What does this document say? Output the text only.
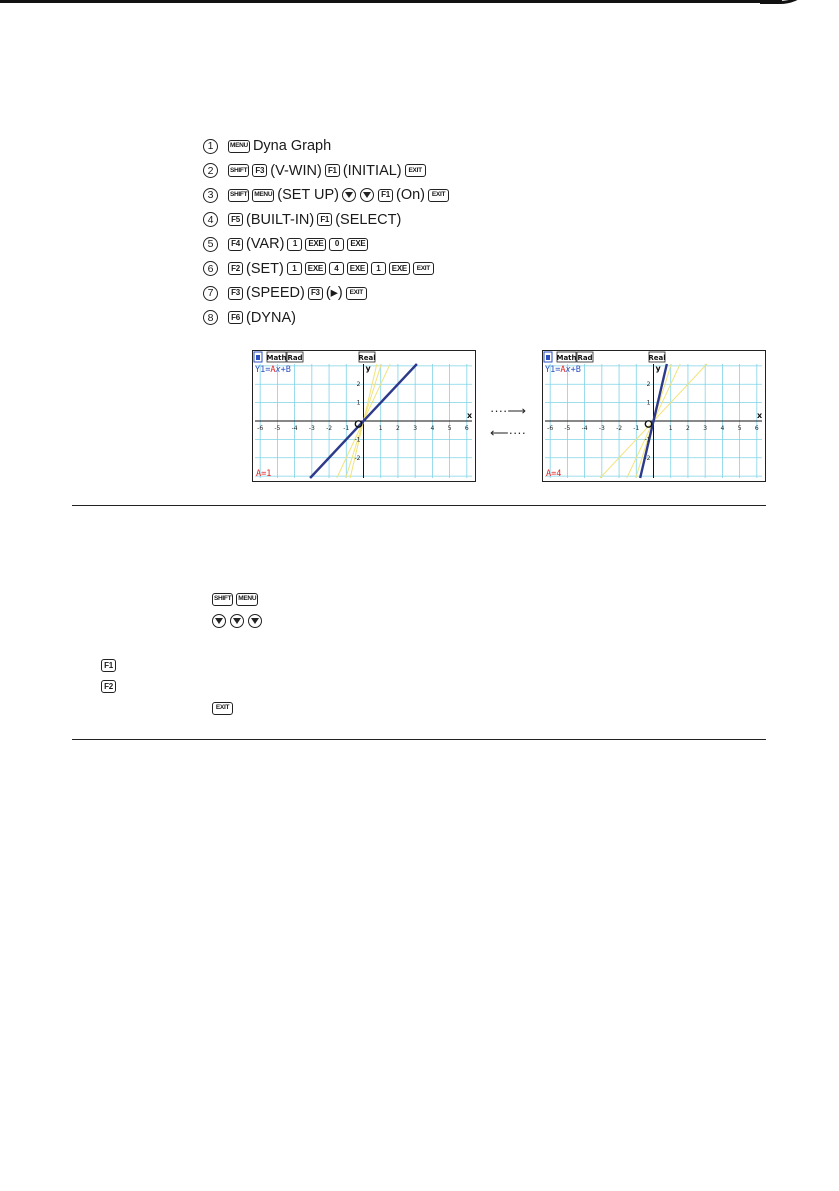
1	MENU Dyna Graph
2	SHIFT	F3 (V-WIN) F1 (INITIAL)	EXIT
3	SHIFT	MENU (SET UP)	F1 (On)	EXIT
4	F5 (BUILT-IN) F1 (SELECT)
5	F4 (VAR)	1	EXE	0	EXE
6	F2 (SET)	1	EXE	4	EXE	1	EXE	EXIT
7	F3 (SPEED) F3 (▸)	EXIT
8	F6 (DYNA)
Math Rad	Real
-6 -5 -4 -3 -2 -1	1 2 3 4 5 6
2
1
-1
-2
x
y
Y1=Ax+B
A=1
Math Rad	Real
-6 -5 -4 -3 -2 -1	1 2 3 4 5 6
2
1
-1
-2
x
y
Y1=Ax+B
A=4
····⟶
⟵····
SHIFT	MENU
F1
F2
EXIT
